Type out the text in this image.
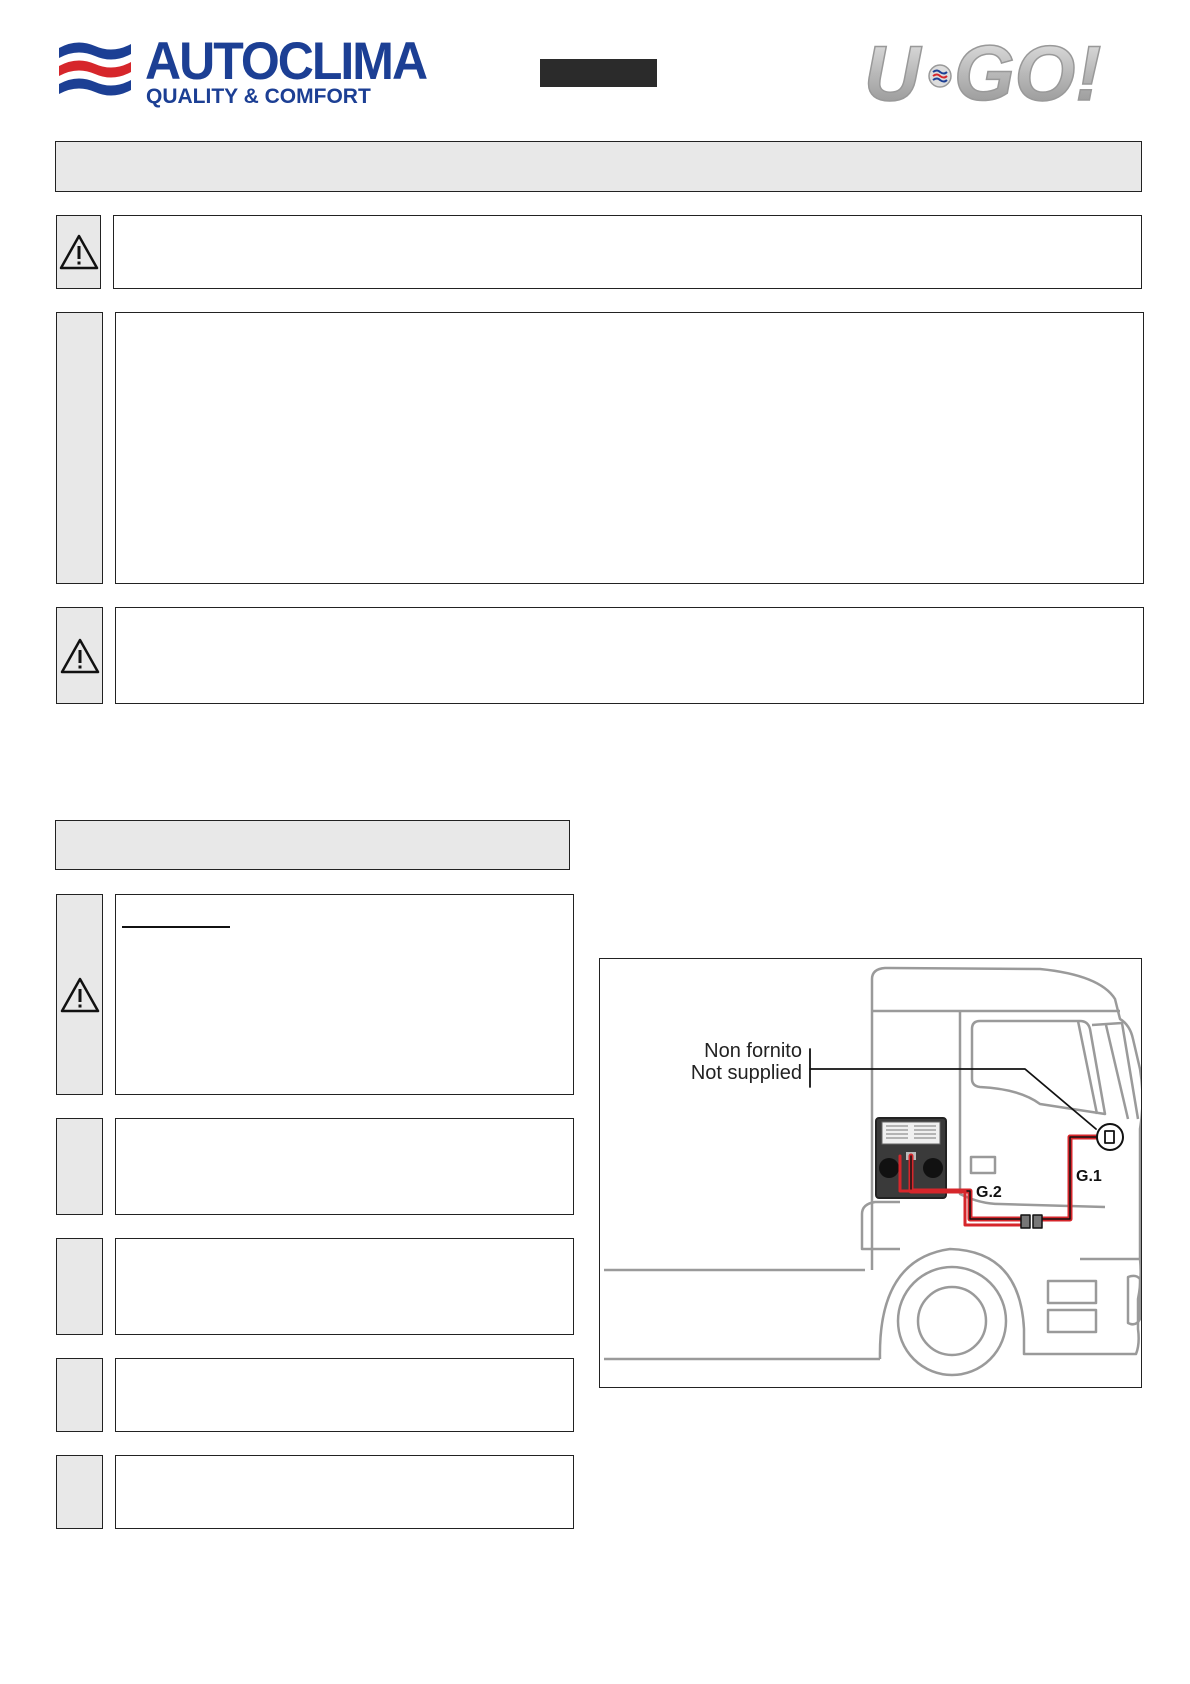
AUTOCLIMA
QUALITY & COMFORT	U GO!
Non fornito
Not supplied
G.1
G.2
